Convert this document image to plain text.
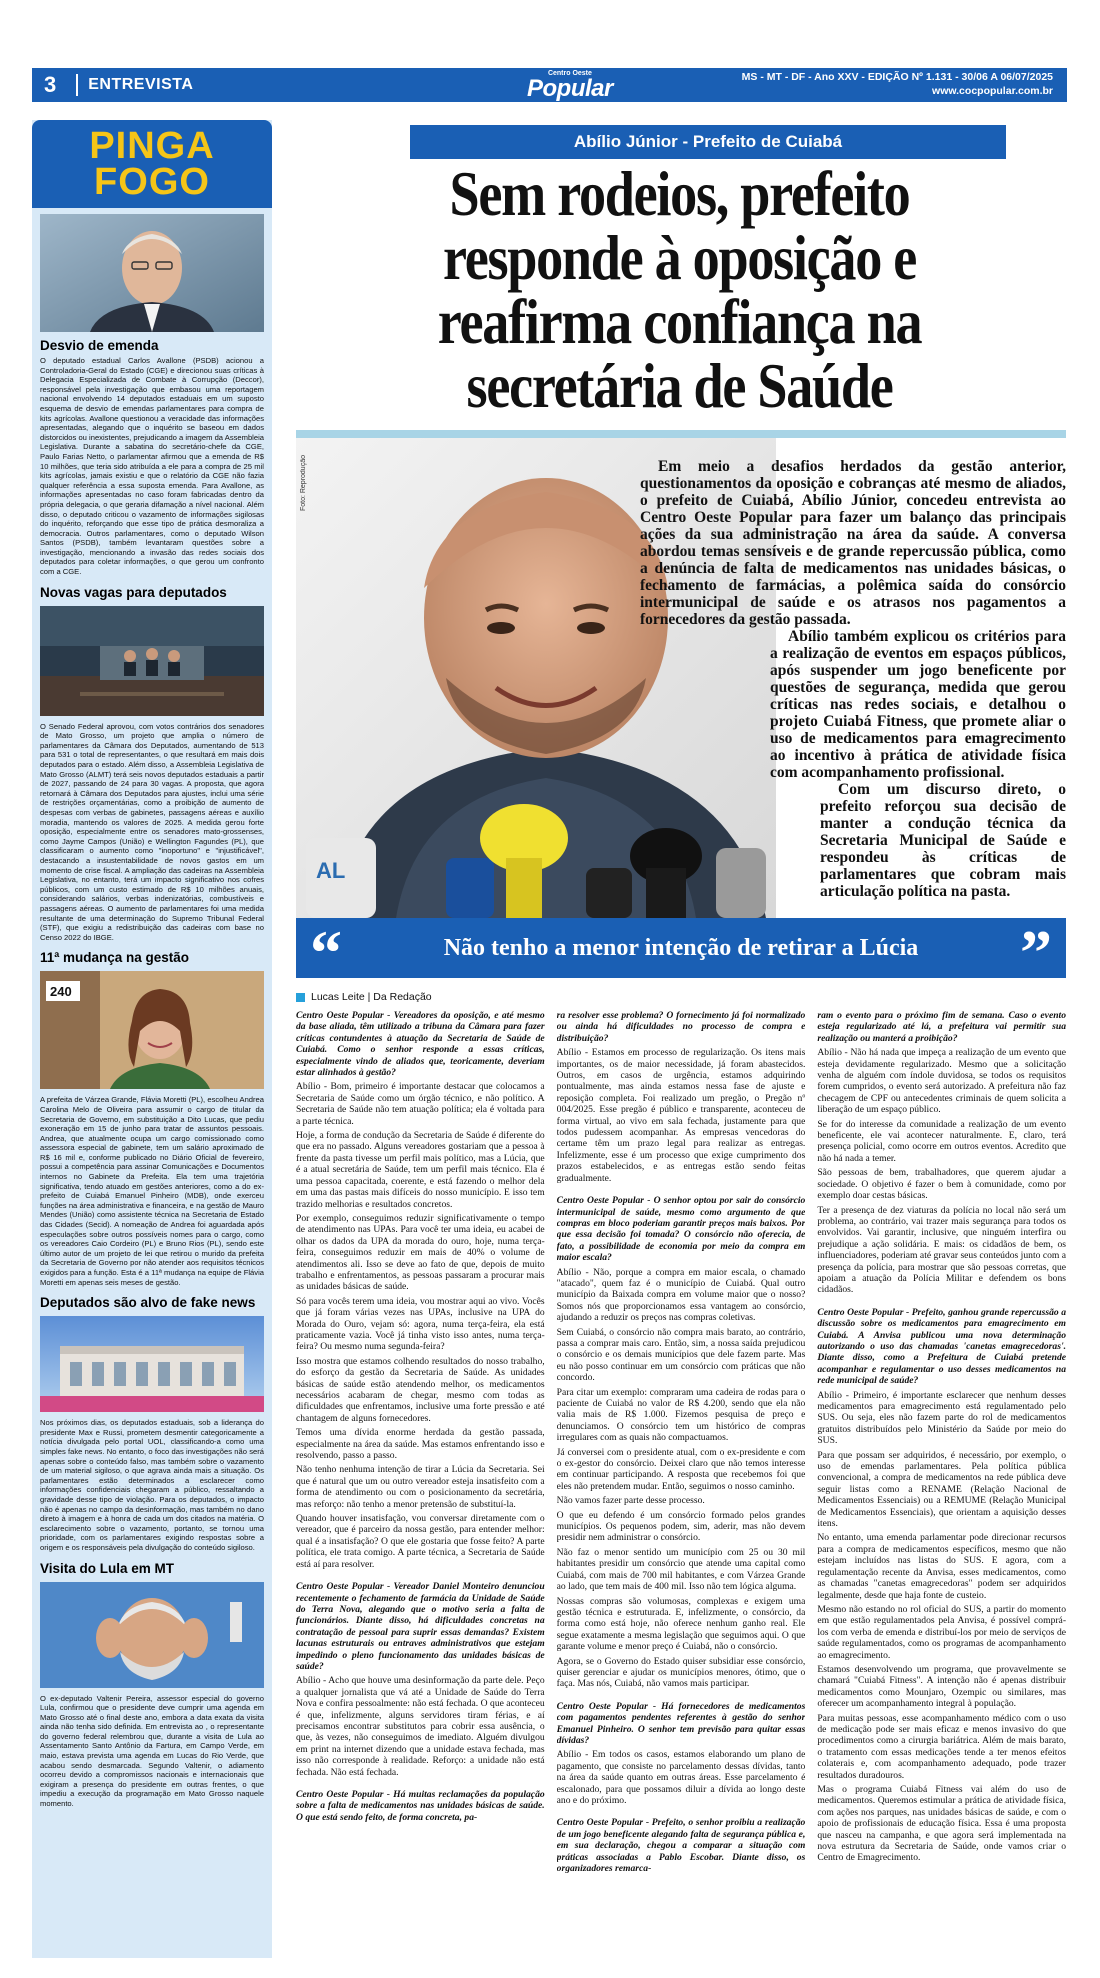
3	ENTREVISTA
Centro Oeste
Popular	MS - MT - DF - Ano XXV - EDIÇÃO Nº 1.131 - 30/06 A 06/07/2025
www.cocpopular.com.br
PINGA
FOGO
Desvio de emenda
O deputado estadual Carlos Avallone (PSDB) acionou a Controladoria-Geral do Estado (CGE) e direcionou suas críticas à Delegacia Especializada de Combate à Corrupção (Deccor), responsável pela investigação que embasou uma reportagem nacional envolvendo 14 deputados estaduais em um suposto esquema de desvio de emendas parlamentares para compra de kits agrícolas. Avallone questionou a veracidade das informações apresentadas, alegando que o inquérito se baseou em dados distorcidos ou inexistentes, prejudicando a imagem da Assembleia Legislativa. Durante a sabatina do secretário-chefe da CGE, Paulo Farias Netto, o parlamentar afirmou que a emenda de R$ 10 milhões, que teria sido atribuída a ele para a compra de 25 mil kits agrícolas, jamais existiu e que o relatório da CGE não fazia qualquer referência a essa suposta emenda. Para Avallone, as informações apresentadas no caso foram fabricadas dentro da própria delegacia, o que geraria difamação a nível nacional. Além disso, o deputado criticou o vazamento de informações sigilosas do inquérito, reforçando que esse tipo de prática desmoraliza a democracia. Outros parlamentares, como o deputado Wilson Santos (PSDB), também levantaram questões sobre a investigação, mencionando a invasão das redes sociais dos deputados para coletar informações, o que gerou um confronto com a CGE.
Novas vagas para deputados
O Senado Federal aprovou, com votos contrários dos senadores de Mato Grosso, um projeto que amplia o número de parlamentares da Câmara dos Deputados, aumentando de 513 para 531 o total de representantes, o que resultará em mais dois deputados para o estado. Além disso, a Assembleia Legislativa de Mato Grosso (ALMT) terá seis novos deputados estaduais a partir de 2027, passando de 24 para 30 vagas. A proposta, que agora retornará à Câmara dos Deputados para ajustes, inclui uma série de restrições orçamentárias, como a proibição de aumento de despesas com verbas de gabinetes, passagens aéreas e auxílio moradia, mantendo os valores de 2025. A medida gerou forte oposição, especialmente entre os senadores mato-grossenses, como Jayme Campos (União) e Wellington Fagundes (PL), que classificaram o aumento como "inoportuno" e "injustificável", destacando a insustentabilidade de novos gastos em um momento de crise fiscal. A ampliação das cadeiras na Assembleia Legislativa, no entanto, terá um impacto significativo nos cofres públicos, com um custo estimado de R$ 10 milhões anuais, considerando salários, verbas indenizatórias, combustíveis e passagens aéreas. O aumento de parlamentares foi uma medida resultante de uma determinação do Supremo Tribunal Federal (STF), que exigiu a redistribuição das cadeiras com base no Censo 2022 do IBGE.
11ª mudança na gestão
240
A prefeita de Várzea Grande, Flávia Moretti (PL), escolheu Andrea Carolina Melo de Oliveira para assumir o cargo de titular da Secretaria de Governo, em substituição a Dito Lucas, que pediu exoneração em 15 de junho para tratar de assuntos pessoais. Andrea, que atualmente ocupa um cargo comissionado como assessora especial de gabinete, tem um salário aproximado de R$ 16 mil e, conforme publicado no Diário Oficial de fevereiro, possui a competência para assinar Comunicações e Documentos internos no Gabinete da Prefeita. Ela tem uma trajetória significativa, tendo atuado em gestões anteriores, como a do ex-prefeito de Cuiabá Emanuel Pinheiro (MDB), onde exerceu funções na área administrativa e financeira, e na gestão de Mauro Mendes (União) como assistente técnica na Secretaria de Estado das Cidades (Secid). A nomeação de Andrea foi aguardada após especulações sobre outros possíveis nomes para o cargo, como os vereadores Caio Cordeiro (PL) e Bruno Rios (PL), sendo este último autor de um projeto de lei que retirou o murido da prefeita da Secretaria de Governo por não atender aos requisitos técnicos exigidos para a função. Esta é a 11ª mudança na equipe de Flávia Moretti em apenas seis meses de gestão.
Deputados são alvo de fake news
Nos próximos dias, os deputados estaduais, sob a liderança do presidente Max e Russi, prometem desmentir categoricamente a notícia divulgada pelo portal UOL, classificando-a como uma simples fake news. No entanto, o foco das investigações não será apenas sobre o conteúdo falso, mas também sobre o vazamento de um material sigiloso, o que agrava ainda mais a situação. Os parlamentares estão determinados a esclarecer como informações confidenciais chegaram a público, ressaltando a gravidade desse tipo de violação. Para os deputados, o impacto não é apenas no campo da desinformação, mas também no dano direto à imagem e à honra de cada um dos citados na matéria. O esclarecimento sobre o vazamento, portanto, se tornou uma prioridade, com os parlamentares exigindo respostas sobre a origem e os responsáveis pela divulgação do conteúdo sigiloso.
Visita do Lula em MT
O ex-deputado Valtenir Pereira, assessor especial do governo Lula, confirmou que o presidente deve cumprir uma agenda em Mato Grosso até o final deste ano, embora a data exata da visita ainda não tenha sido definida. Em entrevista ao , o representante do governo federal relembrou que, durante a visita de Lula ao Assentamento Santo Antônio da Fartura, em Campo Verde, em maio, estava prevista uma agenda em Lucas do Rio Verde, que acabou sendo desmarcada. Segundo Valtenir, o adiamento ocorreu devido a compromissos nacionais e internacionais que exigiram a presença do presidente em outras frentes, o que impediu a execução da programação em Mato Grosso naquele momento.
Abílio Júnior - Prefeito de Cuiabá
Sem rodeios, prefeito responde à oposição e reafirma confiança na secretária de Saúde
AL
Foto: Reprodução	Em meio a desafios herdados da gestão anterior, questionamentos da oposição e cobranças até mesmo de aliados, o prefeito de Cuiabá, Abílio Júnior, concedeu entrevista ao Centro Oeste Popular para fazer um balanço das principais ações da sua administração na área da saúde. A conversa abordou temas sensíveis e de grande repercussão pública, como a denúncia de falta de medicamentos nas unidades básicas, o fechamento de farmácias, a polêmica saída do consórcio intermunicipal de saúde e os atrasos nos pagamentos a fornecedores da gestão passada.

Abílio também explicou os critérios para a realização de eventos em espaços públicos, após suspender um jogo beneficente por questões de segurança, medida que gerou críticas nas redes sociais, e detalhou o projeto Cuiabá Fitness, que promete aliar o uso de medicamentos para emagrecimento ao incentivo à prática de atividade física com acompanhamento profissional.

Com um discurso direto, o prefeito reforçou sua decisão de manter a condução técnica da Secretaria Municipal de Saúde e respondeu às críticas de parlamentares que cobram mais articulação política na pasta.

“	Não tenho a menor intenção de retirar a Lúcia	”
Lucas Leite | Da Redação

Centro Oeste Popular - Vereadores da oposição, e até mesmo da base aliada, têm utilizado a tribuna da Câmara para fazer críticas contundentes à atuação da Secretaria de Saúde de Cuiabá. Como o senhor responde a essas críticas, especialmente vindo de aliados que, teoricamente, deveriam estar alinhados à gestão?

Abílio - Bom, primeiro é importante destacar que colocamos a Secretaria de Saúde como um órgão técnico, e não político. A Secretaria de Saúde não tem atuação política; ela é voltada para a parte técnica.

Hoje, a forma de condução da Secretaria de Saúde é diferente do que era no passado. Alguns vereadores gostariam que a pessoa à frente da pasta tivesse um perfil mais político, mas a Lúcia, que é a atual secretária de Saúde, tem um perfil mais técnico. Ela é uma pessoa capacitada, coerente, e está fazendo o melhor dela em uma das pastas mais difíceis do nosso município. E isso tem trazido melhorias e resultados concretos.

Por exemplo, conseguimos reduzir significativamente o tempo de atendimento nas UPAs. Para você ter uma ideia, eu acabei de olhar os dados da UPA da morada do ouro, hoje, numa terça-feira, conseguimos reduzir em mais de 40% o volume de atendimentos ali. Isso se deve ao fato de que, depois de muito trabalho e enfrentamentos, as pessoas passaram a procurar mais as unidades básicas de saúde.

Só para vocês terem uma ideia, vou mostrar aqui ao vivo. Vocês que já foram várias vezes nas UPAs, inclusive na UPA do Morada do Ouro, vejam só: agora, numa terça-feira, ela está praticamente vazia. Você já tinha visto isso antes, numa terça-feira? Ou mesmo numa segunda-feira?

Isso mostra que estamos colhendo resultados do nosso trabalho, do esforço da gestão da Secretaria de Saúde. As unidades básicas de saúde estão atendendo melhor, os medicamentos necessários acabaram de chegar, mesmo com todas as dificuldades que enfrentamos, inclusive uma forte pressão e até chantagem de alguns fornecedores.

Temos uma dívida enorme herdada da gestão passada, especialmente na área da saúde. Mas estamos enfrentando isso e resolvendo, passo a passo.

Não tenho nenhuma intenção de tirar a Lúcia da Secretaria. Sei que é natural que um ou outro vereador esteja insatisfeito com a forma de atendimento ou com o posicionamento da secretária, mas reforço: não tenho a menor pretensão de substituí-la.

Quando houver insatisfação, vou conversar diretamente com o vereador, que é parceiro da nossa gestão, para entender melhor: qual é a insatisfação? O que ele gostaria que fosse feito? A parte política, ele trata comigo. A parte técnica, a Secretaria de Saúde está aí para resolver.

Centro Oeste Popular - Vereador Daniel Monteiro denunciou recentemente o fechamento de farmácia da Unidade de Saúde do Terra Nova, alegando que o motivo seria a falta de funcionários. Diante disso, há dificuldades concretas na contratação de pessoal para suprir essas demandas? Existem lacunas estruturais ou entraves administrativos que estejam impedindo o pleno funcionamento das unidades básicas de saúde?

Abílio - Acho que houve uma desinformação da parte dele. Peço a qualquer jornalista que vá até a Unidade de Saúde do Terra Nova e confira pessoalmente: não está fechada. O que aconteceu é que, infelizmente, alguns servidores tiram férias, e aí precisamos encontrar substitutos para cobrir essa ausência, o que, às vezes, não conseguimos de imediato. Alguém divulgou em print na internet dizendo que a unidade estava fechada, mas isso não corresponde à realidade. Reforço: a unidade não está fechada. Não está fechada.

Centro Oeste Popular - Há muitas reclamações da população sobre a falta de medicamentos nas unidades básicas de saúde. O que está sendo feito, de forma concreta, pa-

ra resolver esse problema? O fornecimento já foi normalizado ou ainda há dificuldades no processo de compra e distribuição?

Abílio - Estamos em processo de regularização. Os itens mais importantes, os de maior necessidade, já foram abastecidos. Outros, em casos de urgência, estamos adquirindo pontualmente, mas ainda estamos nessa fase de ajuste e reposição completa. Foi realizado um pregão, o Pregão nº 004/2025. Esse pregão é público e transparente, aconteceu de forma virtual, ao vivo em sala fechada, justamente para que todos pudessem acompanhar. As empresas vencedoras do certame têm um prazo legal para realizar as entregas. Infelizmente, esse é um processo que exige cumprimento dos prazos estabelecidos, e as entregas estão sendo feitas gradualmente.

Centro Oeste Popular - O senhor optou por sair do consórcio intermunicipal de saúde, mesmo como argumento de que compras em bloco poderiam garantir preços mais baixos. Por que essa decisão foi tomada? O consórcio não oferecia, de fato, a possibilidade de economia por meio da compra em maior escala?

Abílio - Não, porque a compra em maior escala, o chamado "atacado", quem faz é o município de Cuiabá. Qual outro município da Baixada compra em volume maior que o nosso? Somos nós que proporcionamos essa vantagem ao consórcio, ajudando a reduzir os preços nas compras coletivas.

Sem Cuiabá, o consórcio não compra mais barato, ao contrário, passa a comprar mais caro. Então, sim, a nossa saída prejudicou o consórcio e os demais municípios que dele fazem parte. Mas eu não posso continuar em um consórcio com práticas que não concordo.

Para citar um exemplo: compraram uma cadeira de rodas para o paciente de Cuiabá no valor de R$ 4.200, sendo que ela não valia mais de R$ 1.000. Fizemos pesquisa de preço e denunciamos. O consórcio tem um histórico de compras irregulares com as quais não compactuamos.

Já conversei com o presidente atual, com o ex-presidente e com o ex-gestor do consórcio. Deixei claro que não temos interesse em continuar participando. A resposta que recebemos foi que eles não pretendem mudar. Então, seguimos o nosso caminho.

Não vamos fazer parte desse processo.

O que eu defendo é um consórcio formado pelos grandes municípios. Os pequenos podem, sim, aderir, mas não devem presidir nem administrar o consórcio.

Não faz o menor sentido um município com 25 ou 30 mil habitantes presidir um consórcio que atende uma capital como Cuiabá, com mais de 700 mil habitantes, e com Várzea Grande ao lado, que tem mais de 400 mil. Isso não tem lógica alguma.

Nossas compras são volumosas, complexas e exigem uma gestão técnica e estruturada. E, infelizmente, o consórcio, da forma como está hoje, não oferece nenhum ganho real. Ele segue exatamente a mesma legislação que seguimos aqui. O que garante volume e menor preço é Cuiabá, não o consórcio.

Agora, se o Governo do Estado quiser subsidiar esse consórcio, quiser gerenciar e ajudar os municípios menores, ótimo, que o faça. Mas nós, Cuiabá, não vamos mais participar.

Centro Oeste Popular - Há fornecedores de medicamentos com pagamentos pendentes referentes à gestão do senhor Emanuel Pinheiro. O senhor tem previsão para quitar essas dívidas?

Abílio - Em todos os casos, estamos elaborando um plano de pagamento, que consiste no parcelamento dessas dívidas, tanto na área da saúde quanto em outras áreas. Esse parcelamento é escalonado, para que possamos diluir a dívida ao longo deste ano e do próximo.

Centro Oeste Popular - Prefeito, o senhor proibiu a realização de um jogo beneficente alegando falta de segurança pública e, em sua declaração, chegou a comparar a situação com práticas associadas a Pablo Escobar. Diante disso, os organizadores remarca-

ram o evento para o próximo fim de semana. Caso o evento esteja regularizado até lá, a prefeitura vai permitir sua realização ou manterá a proibição?

Abílio - Não há nada que impeça a realização de um evento que esteja devidamente regularizado. Mesmo que a solicitação venha de alguém com índole duvidosa, se todos os requisitos forem cumpridos, o evento será autorizado. A prefeitura não faz checagem de CPF ou antecedentes criminais de quem solicita a liberação de um espaço público.

Se for do interesse da comunidade a realização de um evento beneficente, ele vai acontecer naturalmente. E, claro, terá presença policial, como ocorre em outros eventos. Acredito que não há nada a temer.

São pessoas de bem, trabalhadores, que querem ajudar a sociedade. O objetivo é fazer o bem à comunidade, como por exemplo doar cestas básicas.

Ter a presença de dez viaturas da polícia no local não será um problema, ao contrário, vai trazer mais segurança para todos os envolvidos. Vai garantir, inclusive, que ninguém interfira ou prejudique a ação solidária. E mais: os cidadãos de bem, os influenciadores, poderiam até gravar seus conteúdos junto com a presença da polícia, para mostrar que são pessoas corretas, que apoiam a atuação da Polícia Militar e defendem os bons cidadãos.

Centro Oeste Popular - Prefeito, ganhou grande repercussão a discussão sobre os medicamentos para emagrecimento em Cuiabá. A Anvisa publicou uma nova determinação autorizando o uso das chamadas 'canetas emagrecedoras'. Diante disso, como a Prefeitura de Cuiabá pretende acompanhar e regulamentar o uso desses medicamentos na rede municipal de saúde?

Abílio - Primeiro, é importante esclarecer que nenhum desses medicamentos para emagrecimento está regulamentado pelo SUS. Ou seja, eles não fazem parte do rol de medicamentos gratuitos distribuídos pelo Ministério da Saúde por meio do SUS.

Para que possam ser adquiridos, é necessário, por exemplo, o uso de emendas parlamentares. Pela política pública convencional, a compra de medicamentos na rede pública deve seguir listas como a RENAME (Relação Nacional de Medicamentos Essenciais) ou a REMUME (Relação Municipal de Medicamentos Essenciais), que orientam a aquisição desses itens.

No entanto, uma emenda parlamentar pode direcionar recursos para a compra de medicamentos específicos, mesmo que não estejam incluídos nas listas do SUS. E agora, com a regulamentação recente da Anvisa, esses medicamentos, como as chamadas "canetas emagrecedoras" podem ser adquiridos legalmente, desde que haja fonte de custeio.

Mesmo não estando no rol oficial do SUS, a partir do momento em que estão regulamentados pela Anvisa, é possível comprá-los com verba de emenda e distribuí-los por meio de serviços de saúde regulamentados, como os programas de acompanhamento ao emagrecimento.

Estamos desenvolvendo um programa, que provavelmente se chamará "Cuiabá Fitness". A intenção não é apenas distribuir medicamentos como Mounjaro, Ozempic ou similares, mas oferecer um acompanhamento integral à população.

Para muitas pessoas, esse acompanhamento médico com o uso de medicação pode ser mais eficaz e menos invasivo do que procedimentos como a cirurgia bariátrica. Além de mais barato, o tratamento com essas medicações tende a ter menos efeitos colaterais e, com acompanhamento adequado, pode trazer resultados duradouros.

Mas o programa Cuiabá Fitness vai além do uso de medicamentos. Queremos estimular a prática de atividade física, com ações nos parques, nas unidades básicas de saúde, e com o apoio de profissionais de educação física. Essa é uma proposta que nasceu na campanha, e que agora será implementada na nova estrutura da Secretaria de Saúde, onde vamos criar o Centro de Emagrecimento.
